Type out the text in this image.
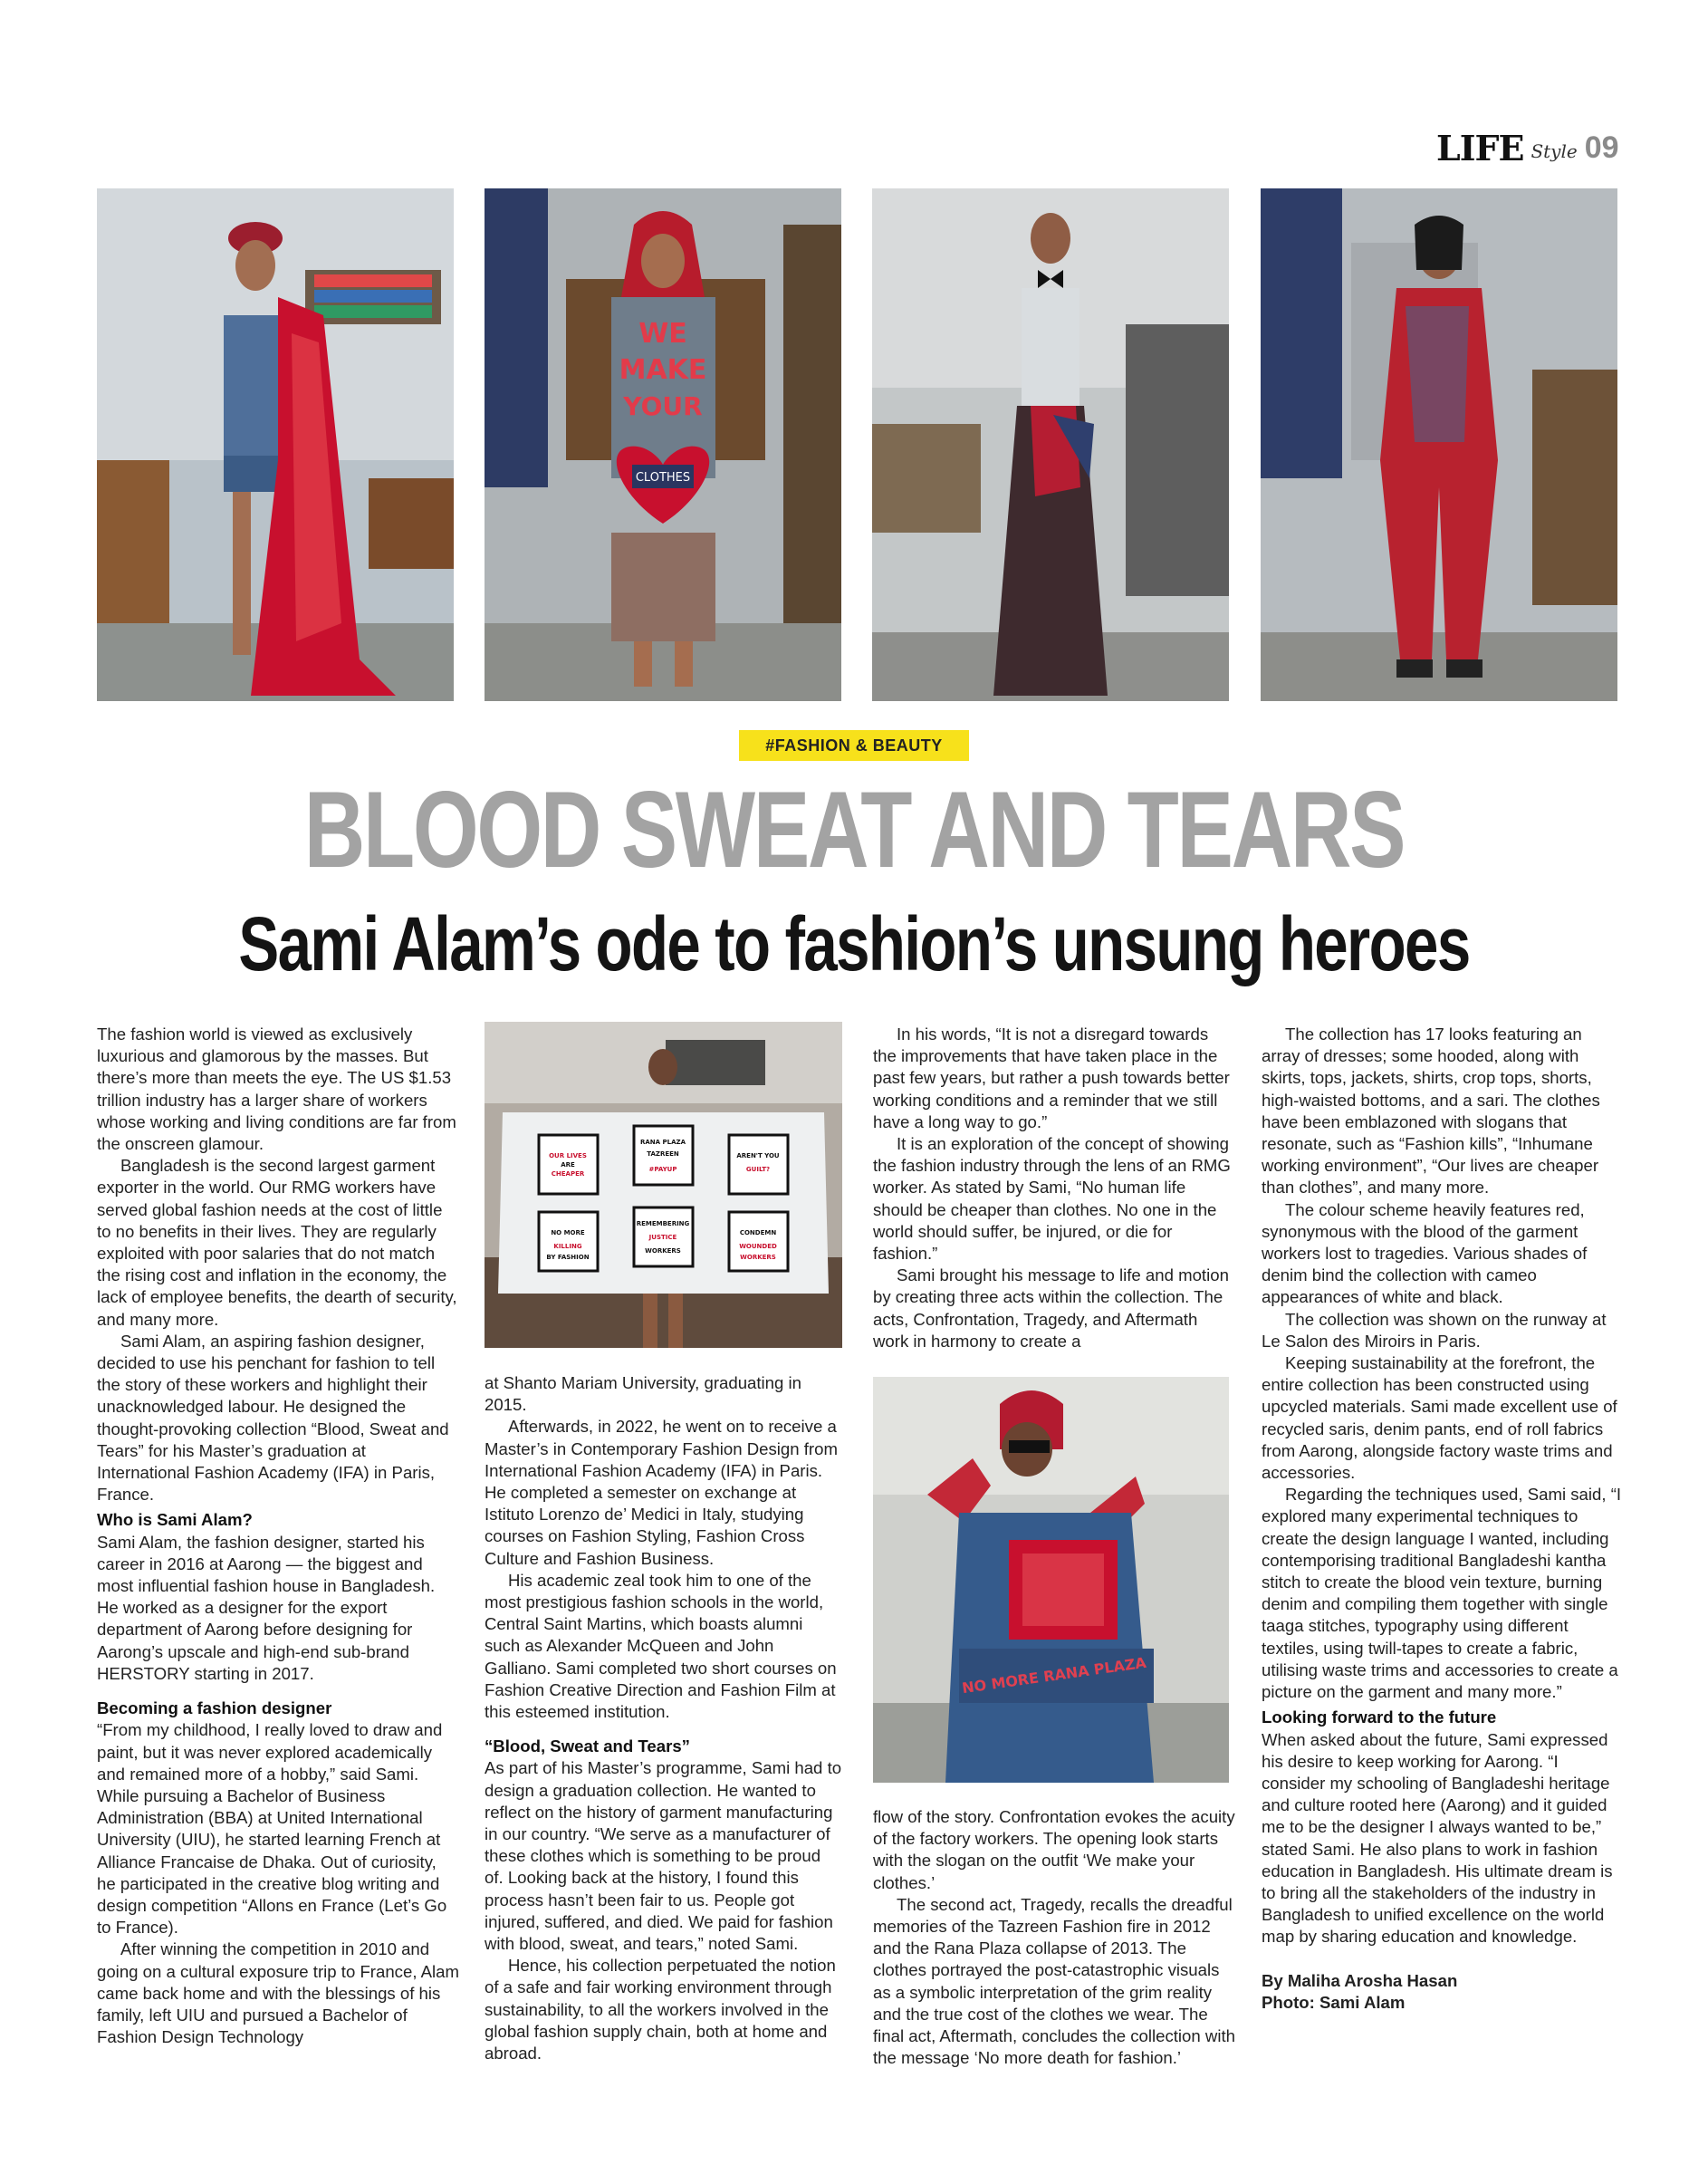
LIFE Style 09
WE
MAKE
YOUR
CLOTHES
#FASHION & BEAUTY
BLOOD SWEAT AND TEARS
Sami Alam’s ode to fashion’s unsung heroes

The fashion world is viewed as exclusively luxurious and glamorous by the masses. But there’s more than meets the eye. The US $1.53 trillion industry has a larger share of workers whose working and living conditions are far from the onscreen glamour.

Bangladesh is the second largest garment exporter in the world. Our RMG workers have served global fashion needs at the cost of little to no benefits in their lives. They are regularly exploited with poor salaries that do not match the rising cost and inflation in the economy, the lack of employee benefits, the dearth of security, and many more.

Sami Alam, an aspiring fashion designer, decided to use his penchant for fashion to tell the story of these workers and highlight their unacknowledged labour. He designed the thought-provoking collection “Blood, Sweat and Tears” for his Master’s graduation at International Fashion Academy (IFA) in Paris, France.

Who is Sami Alam?

Sami Alam, the fashion designer, started his career in 2016 at Aarong — the biggest and most influential fashion house in Bangladesh. He worked as a designer for the export department of Aarong before designing for Aarong’s upscale and high-end sub-brand HERSTORY starting in 2017.

Becoming a fashion designer

“From my childhood, I really loved to draw and paint, but it was never explored academically and remained more of a hobby,” said Sami. While pursuing a Bachelor of Business Administration (BBA) at United International University (UIU), he started learning French at Alliance Francaise de Dhaka. Out of curiosity, he participated in the creative blog writing and design competition “Allons en France (Let’s Go to France).

After winning the competition in 2010 and going on a cultural exposure trip to France, Alam came back home and with the blessings of his family, left UIU and pursued a Bachelor of Fashion Design Technology

OUR LIVES
ARE
CHEAPER
RANA PLAZA
TAZREEN
#PAYUP
AREN'T YOU
GUILT?
NO MORE
KILLING
BY FASHION
REMEMBERING
JUSTICE
WORKERS
CONDEMN
WOUNDED
WORKERS

at Shanto Mariam University, graduating in 2015.

Afterwards, in 2022, he went on to receive a Master’s in Contemporary Fashion Design from International Fashion Academy (IFA) in Paris. He completed a semester on exchange at Istituto Lorenzo de’ Medici in Italy, studying courses on Fashion Styling, Fashion Cross Culture and Fashion Business.

His academic zeal took him to one of the most prestigious fashion schools in the world, Central Saint Martins, which boasts alumni such as Alexander McQueen and John Galliano. Sami completed two short courses on Fashion Creative Direction and Fashion Film at this esteemed institution.

“Blood, Sweat and Tears”

As part of his Master’s programme, Sami had to design a graduation collection. He wanted to reflect on the history of garment manufacturing in our country. “We serve as a manufacturer of these clothes which is something to be proud of. Looking back at the history, I found this process hasn’t been fair to us. People got injured, suffered, and died. We paid for fashion with blood, sweat, and tears,” noted Sami.

Hence, his collection perpetuated the notion of a safe and fair working environment through sustainability, to all the workers involved in the global fashion supply chain, both at home and abroad.

In his words, “It is not a disregard towards the improvements that have taken place in the past few years, but rather a push towards better working conditions and a reminder that we still have a long way to go.”

It is an exploration of the concept of showing the fashion industry through the lens of an RMG worker. As stated by Sami, “No human life should be cheaper than clothes. No one in the world should suffer, be injured, or die for fashion.”

Sami brought his message to life and motion by creating three acts within the collection. The acts, Confrontation, Tragedy, and Aftermath work in harmony to create a

NO MORE RANA PLAZA

flow of the story. Confrontation evokes the acuity of the factory workers. The opening look starts with the slogan on the outfit ‘We make your clothes.’

The second act, Tragedy, recalls the dreadful memories of the Tazreen Fashion fire in 2012 and the Rana Plaza collapse of 2013. The clothes portrayed the post-catastrophic visuals as a symbolic interpretation of the grim reality and the true cost of the clothes we wear. The final act, Aftermath, concludes the collection with the message ‘No more death for fashion.’

The collection has 17 looks featuring an array of dresses; some hooded, along with skirts, tops, jackets, shirts, crop tops, shorts, high-waisted bottoms, and a sari. The clothes have been emblazoned with slogans that resonate, such as “Fashion kills”, “Inhumane working environment”, “Our lives are cheaper than clothes”, and many more.

The colour scheme heavily features red, synonymous with the blood of the garment workers lost to tragedies. Various shades of denim bind the collection with cameo appearances of white and black.

The collection was shown on the runway at Le Salon des Miroirs in Paris.

Keeping sustainability at the forefront, the entire collection has been constructed using upcycled materials. Sami made excellent use of recycled saris, denim pants, end of roll fabrics from Aarong, alongside factory waste trims and accessories.

Regarding the techniques used, Sami said, “I explored many experimental techniques to create the design language I wanted, including contemporising traditional Bangladeshi kantha stitch to create the blood vein texture, burning denim and compiling them together with single taaga stitches, typography using different textiles, using twill-tapes to create a fabric, utilising waste trims and accessories to create a picture on the garment and many more.”

Looking forward to the future

When asked about the future, Sami expressed his desire to keep working for Aarong. “I consider my schooling of Bangladeshi heritage and culture rooted here (Aarong) and it guided me to be the designer I always wanted to be,” stated Sami. He also plans to work in fashion education in Bangladesh. His ultimate dream is to bring all the stakeholders of the industry in Bangladesh to unified excellence on the world map by sharing education and knowledge.

By Maliha Arosha Hasan

Photo: Sami Alam
